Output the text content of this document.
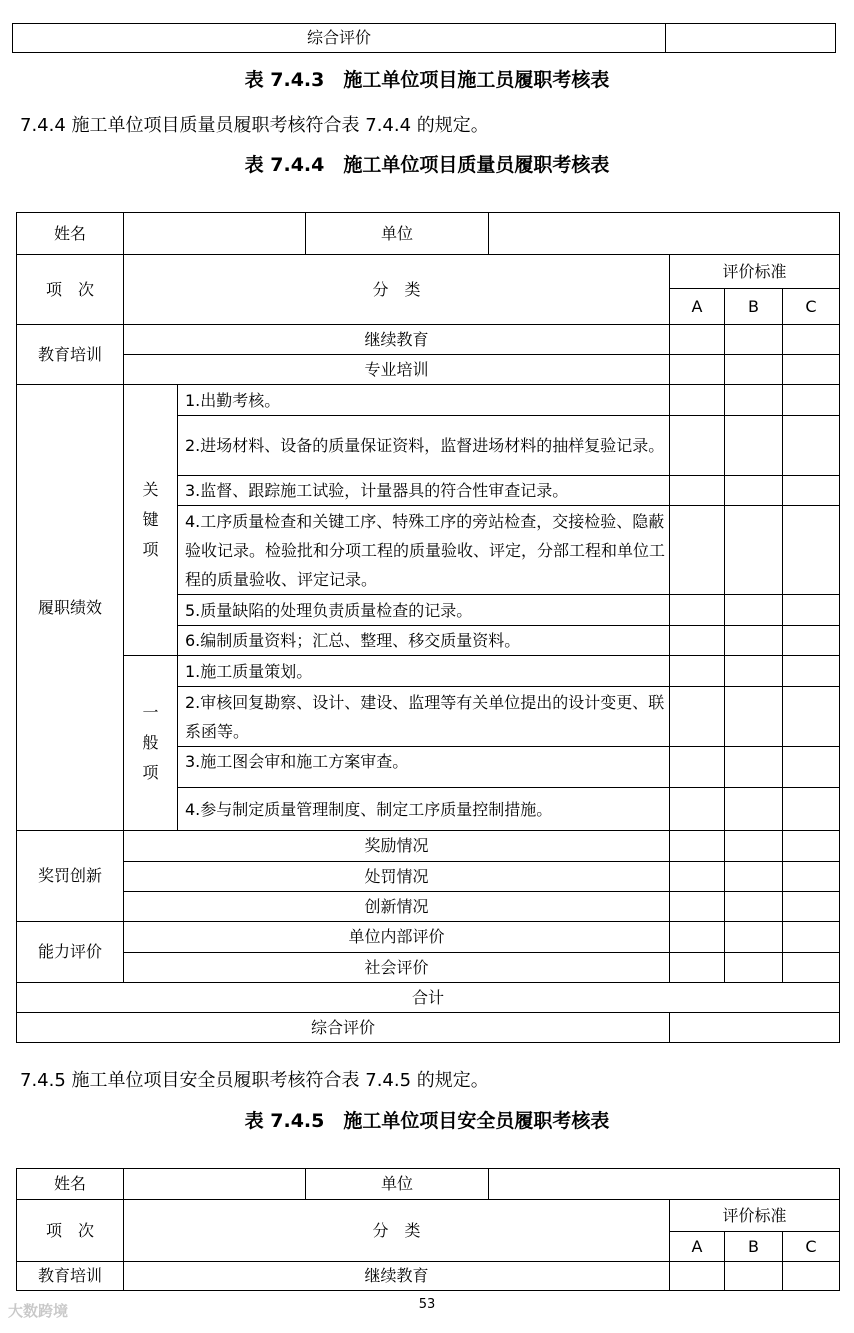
综合评价	
表 7.4.3　施工单位项目施工员履职考核表
7.4.4 施工单位项目质量员履职考核符合表 7.4.4 的规定。
表 7.4.4　施工单位项目质量员履职考核表
姓名			单位				
项　次	分　类				评价标准		
					A	B	C
教育培训	继续教育						
	专业培训						
履职绩效	关键项	1.出勤考核。					
		2.进场材料、设备的质量保证资料，监督进场材料的抽样复验记录。					
		3.监督、跟踪施工试验，计量器具的符合性审查记录。					
		4.工序质量检查和关键工序、特殊工序的旁站检查，交接检验、隐蔽验收记录。检验批和分项工程的质量验收、评定，分部工程和单位工程的质量验收、评定记录。					
		5.质量缺陷的处理负责质量检查的记录。					
		6.编制质量资料；汇总、整理、移交质量资料。					
	一般项	1.施工质量策划。					
		2.审核回复勘察、设计、建设、监理等有关单位提出的设计变更、联系函等。					
		3.施工图会审和施工方案审查。					
		4.参与制定质量管理制度、制定工序质量控制措施。					
奖罚创新	奖励情况						
	处罚情况						
	创新情况						
能力评价	单位内部评价						
	社会评价						
合计							
综合评价							
7.4.5 施工单位项目安全员履职考核符合表 7.4.5 的规定。
表 7.4.5　施工单位项目安全员履职考核表
姓名		单位				
项　次	分　类			评价标准		
				A	B	C
教育培训	继续教育					
53
大数跨境
